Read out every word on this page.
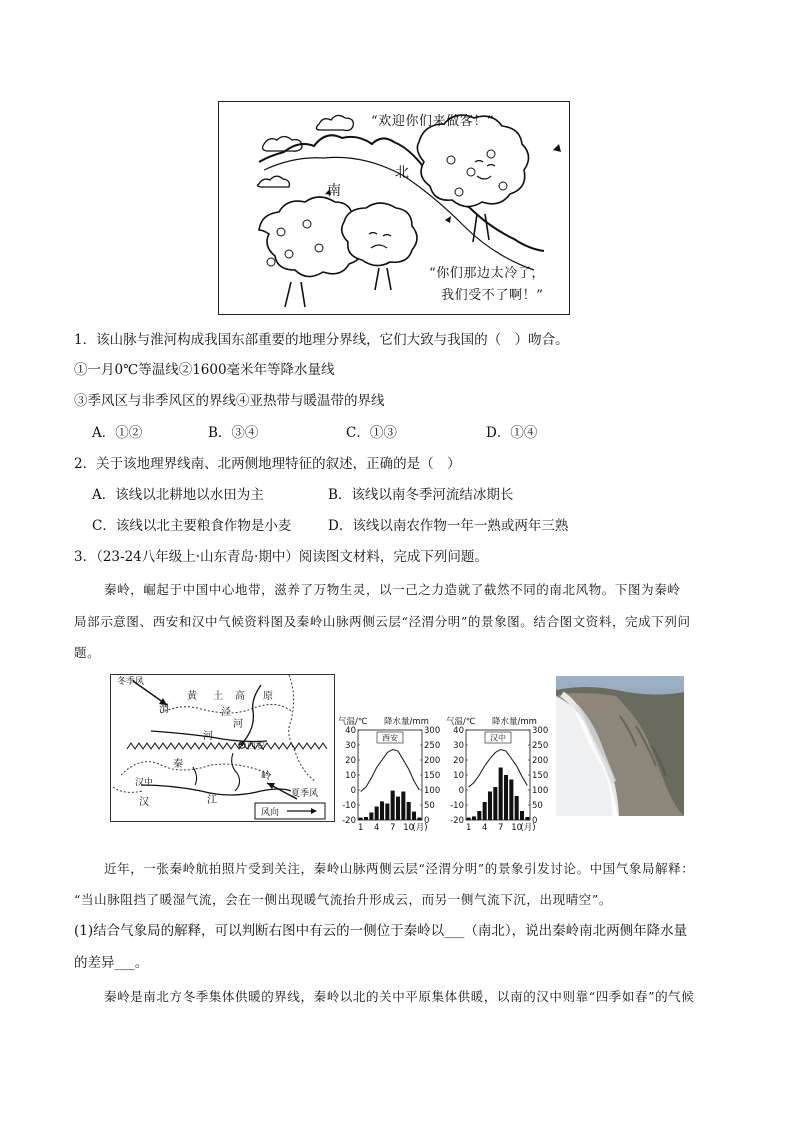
“欢迎你们来做客！”
北
南
“你们那边太冷了，
我们受不了啊！”
1．该山脉与淮河构成我国东部重要的地理分界线，它们大致与我国的（　）吻合。
①一月0℃等温线②1600毫米年等降水量线
③季风区与非季风区的界线④亚热带与暖温带的界线
A．①②	B．③④	C．①③	D．①④
2．关于该地理界线南、北两侧地理特征的叙述，正确的是（　）
A．该线以北耕地以水田为主	B．该线以南冬季河流结冰期长
C．该线以北主要粮食作物是小麦	D．该线以南农作物一年一熟或两年三熟
3．（23-24八年级上·山东青岛·期中）阅读图文材料，完成下列问题。
秦岭，崛起于中国中心地带，滋养了万物生灵，以一己之力造就了截然不同的南北风物。下图为秦岭
局部示意图、西安和汉中气候资料图及秦岭山脉两侧云层“泾渭分明”的景象图。结合图文资料，完成下列问
题。
冬季风
黄 土 高 原
渭	泾
河
河
西安
秦
岭
汉中
汉	江
夏季风
风向
气温/℃ 降水量/mm
40
30
20
10
0
-10
-20
300
250
200
150
100
50
0
西安
1 4 7 10
(月)
气温/℃ 降水量/mm
40
30
20
10
0
-10
-20
300
250
200
150
100
50
0
汉中
1 4 7 10
(月)
近年，一张秦岭航拍照片受到关注，秦岭山脉两侧云层“泾渭分明”的景象引发讨论。中国气象局解释：
“当山脉阻挡了暖湿气流，会在一侧出现暖气流抬升形成云，而另一侧气流下沉，出现晴空”。
(1)结合气象局的解释，可以判断右图中有云的一侧位于秦岭以___（南北），说出秦岭南北两侧年降水量
的差异___。
秦岭是南北方冬季集体供暖的界线，秦岭以北的关中平原集体供暖，以南的汉中则靠“四季如春”的气候
